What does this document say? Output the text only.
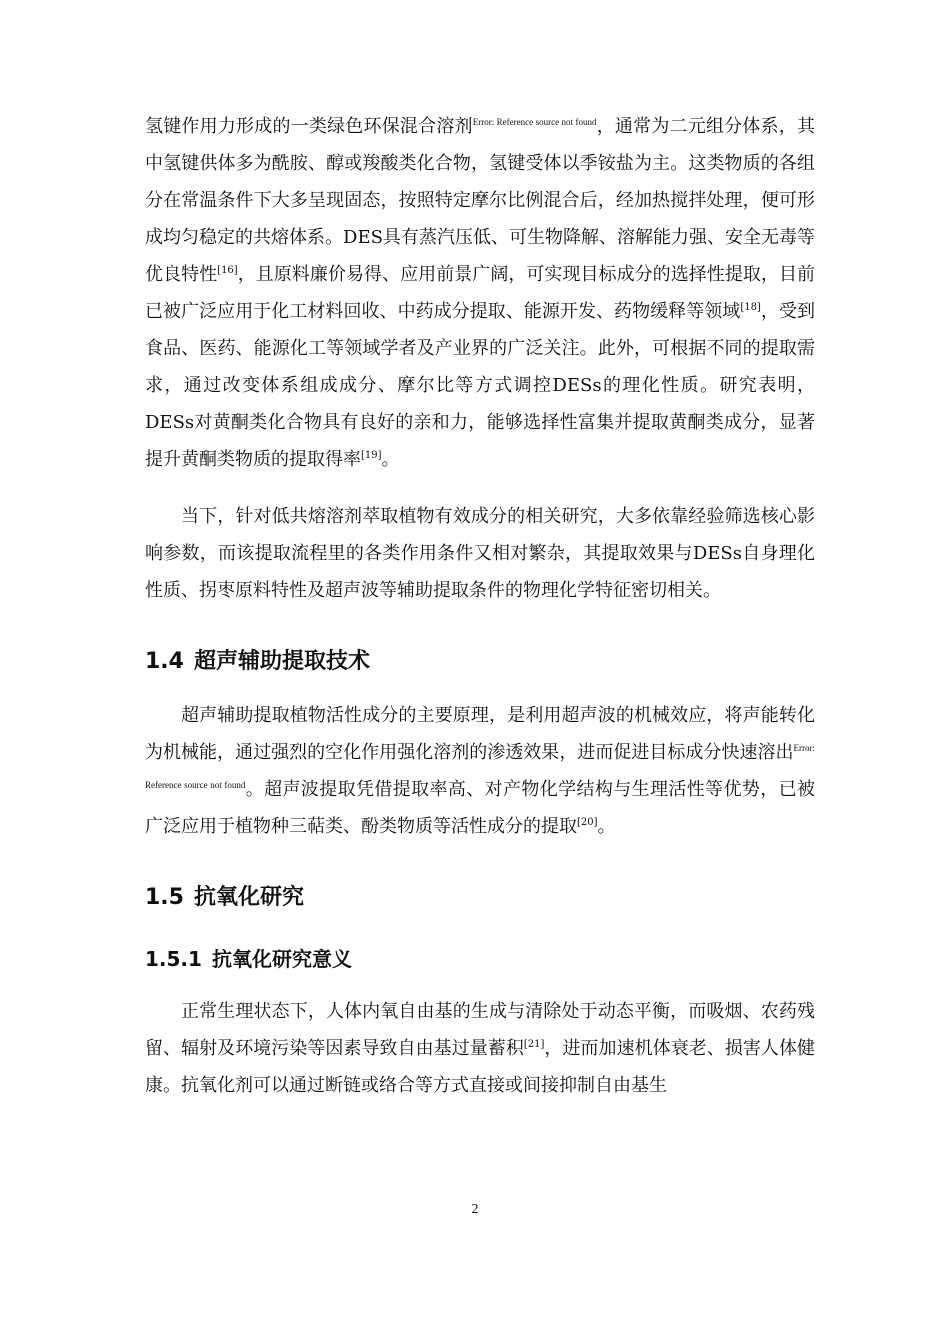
氢键作用力形成的一类绿色环保混合溶剂$^{Error: Reference source not found}$，通常为二元组分体系，其中氢键供体多为酰胺、醇或羧酸类化合物，氢键受体以季铵盐为主。这类物质的各组分在常温条件下大多呈现固态，按照特定摩尔比例混合后，经加热搅拌处理，便可形成均匀稳定的共熔体系。DES具有蒸汽压低、可生物降解、溶解能力强、安全无毒等优良特性[16]，且原料廉价易得、应用前景广阔，可实现目标成分的选择性提取，目前已被广泛应用于化工材料回收、中药成分提取、能源开发、药物缓释等领域[18]，受到食品、医药、能源化工等领域学者及产业界的广泛关注。此外，可根据不同的提取需求，通过改变体系组成成分、摩尔比等方式调控DESs的理化性质。研究表明，DESs对黄酮类化合物具有良好的亲和力，能够选择性富集并提取黄酮类成分，显著提升黄酮类物质的提取得率[19]。

当下，针对低共熔溶剂萃取植物有效成分的相关研究，大多依靠经验筛选核心影响参数，而该提取流程里的各类作用条件又相对繁杂，其提取效果与DESs自身理化性质、拐枣原料特性及超声波等辅助提取条件的物理化学特征密切相关。

1.4 超声辅助提取技术

超声辅助提取植物活性成分的主要原理，是利用超声波的机械效应，将声能转化为机械能，通过强烈的空化作用强化溶剂的渗透效果，进而促进目标成分快速溶出$^{Error: Reference source not found}$。超声波提取凭借提取率高、对产物化学结构与生理活性等优势，已被广泛应用于植物种三萜类、酚类物质等活性成分的提取[20]。

1.5 抗氧化研究
1.5.1 抗氧化研究意义

正常生理状态下，人体内氧自由基的生成与清除处于动态平衡，而吸烟、农药残留、辐射及环境污染等因素导致自由基过量蓄积[21]，进而加速机体衰老、损害人体健康。抗氧化剂可以通过断链或络合等方式直接或间接抑制自由基生

2
